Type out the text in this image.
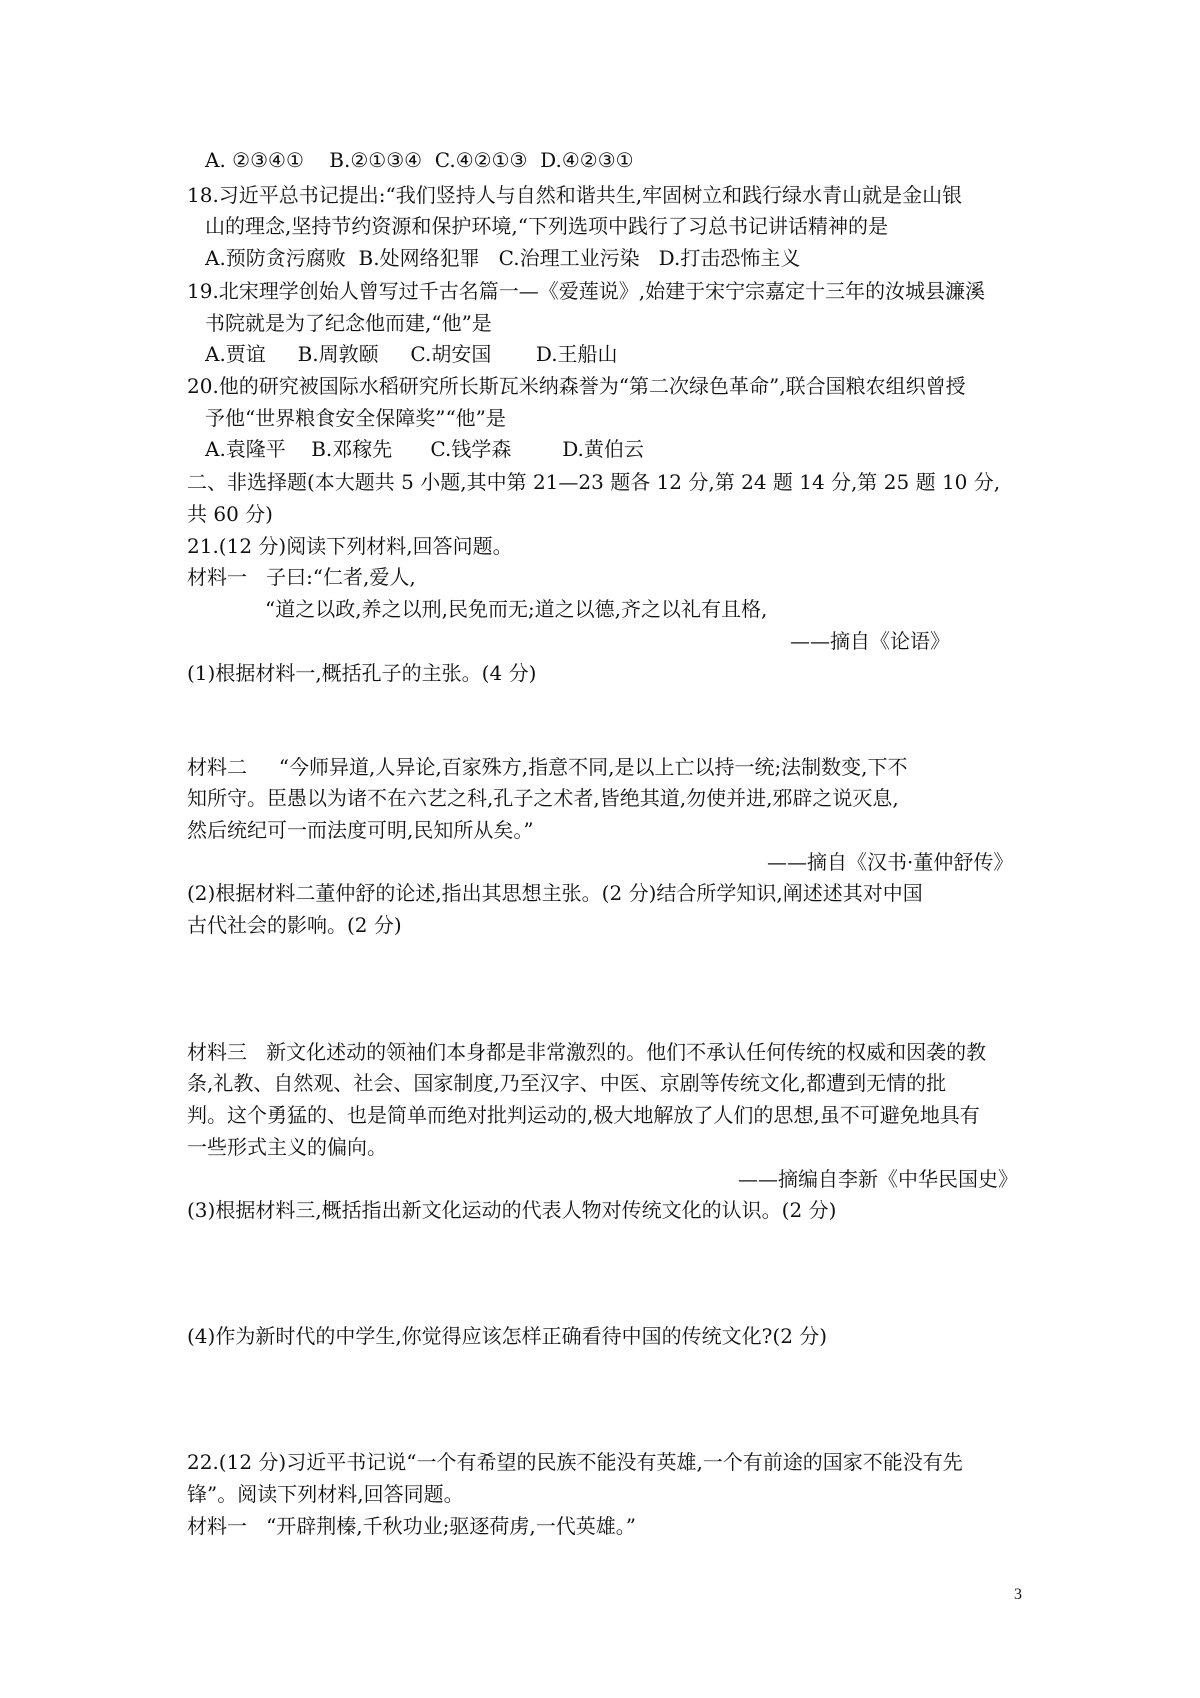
A. ②③④①    B.②①③④  C.④②①③  D.④②③①
18.习近平总书记提出:“我们竖持人与自然和谐共生,牢固树立和践行绿水青山就是金山银
山的理念,坚持节约资源和保护环境,“下列选项中践行了习总书记讲话精神的是
A.预防贪污腐败  B.处网络犯罪   C.治理工业污染   D.打击恐怖主义
19.北宋理学创始人曾写过千古名篇一—《爱莲说》,始建于宋宁宗嘉定十三年的汝城县濂溪
书院就是为了纪念他而建,“他”是
A.贾谊     B.周敦颐     C.胡安国       D.王船山
20.他的研究被国际水稻研究所长斯瓦米纳森誉为“第二次绿色革命”,联合国粮农组织曾授
予他“世界粮食安全保障奖”“他”是
A.袁隆平    B.邓稼先      C.钱学森        D.黄伯云
二、非选择题(本大题共 5 小题,其中第 21—23 题各 12 分,第 24 题 14 分,第 25 题 10 分,
共 60 分)
21.(12 分)阅读下列材料,回答问题。
材料一   子曰:“仁者,爱人,
“道之以政,养之以刑,民免而无;道之以德,齐之以礼有且格,
——摘自《论语》
(1)根据材料一,概括孔子的主张。(4 分)
材料二     “今师异道,人异论,百家殊方,指意不同,是以上亡以持一统;法制数变,下不
知所守。臣愚以为诸不在六艺之科,孔子之术者,皆绝其道,勿使并进,邪辟之说灭息,
然后统纪可一而法度可明,民知所从矣。”
——摘自《汉书·董仲舒传》
(2)根据材料二董仲舒的论述,指出其思想主张。(2 分)结合所学知识,阐述述其对中国
古代社会的影响。(2 分)
材料三   新文化述动的领袖们本身都是非常激烈的。他们不承认任何传统的权威和因袭的教
条,礼教、自然观、社会、国家制度,乃至汉字、中医、京剧等传统文化,都遭到无情的批
判。这个勇猛的、也是简单而绝对批判运动的,极大地解放了人们的思想,虽不可避免地具有
一些形式主义的偏向。
——摘编自李新《中华民国史》
(3)根据材料三,概括指出新文化运动的代表人物对传统文化的认识。(2 分)
(4)作为新时代的中学生,你觉得应该怎样正确看待中国的传统文化?(2 分)
22.(12 分)习近平书记说“一个有希望的民族不能没有英雄,一个有前途的国家不能没有先
锋”。阅读下列材料,回答同题。
材料一   “开辟荆榛,千秋功业;驱逐荷虏,一代英雄。”
3
